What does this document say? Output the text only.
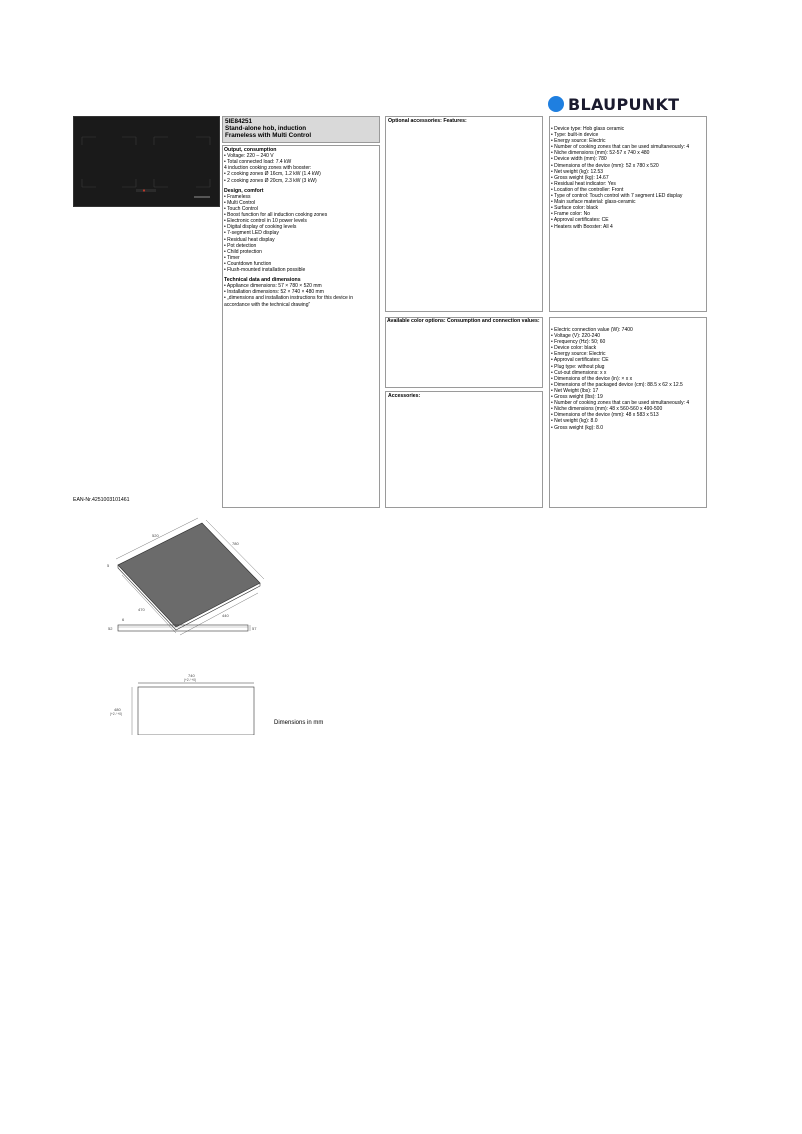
BLAUPUNKT
5IE84251
Stand-alone hob, induction
Frameless with Multi Control
Output, consumption
• Voltage: 220 – 240 V
• Total connected load: 7.4 kW
4 induction cooking zones with booster:
• 2 cooking zones Ø 16cm, 1.2 kW (1.4 kW)
• 2 cooking zones Ø 20cm, 2.3 kW (3 kW)
Design, comfort
• Frameless
• Multi Control
• Touch Control
• Boost function for all induction cooking zones
• Electronic control in 10 power levels
• Digital display of cooking levels
• 7-segment LED display
• Residual heat display
• Pot detection
• Child protection
• Timer
• Countdown function
• Flush-mounted installation possible
Technical data and dimensions
• Appliance dimensions: 57 × 780 × 520 mm
• Installation dimensions: 52 × 740 × 480 mm
• „dimensions and installation instructions for this device in accordance with the technical drawing“
Optional accessories: Features:
Available color options: Consumption and connection values:
Accessories:
• Device type: Hob glass ceramic
• Type: built-in device
• Energy source: Electric
• Number of cooking zones that can be used simultaneously: 4
• Niche dimensions (mm): 52-57 x 740 x 480
• Device width (mm): 780
• Dimensions of the device (mm): 52 x 780 x 520
• Net weight (kg): 12.53
• Gross weight (kg): 14.67
• Residual heat indicator: Yes
• Location of the controller: Front
• Type of control: Touch control with 7 segment LED display
• Main surface material: glass-ceramic
• Surface color: black
• Frame color: No
• Approval certificates: CE
• Heaters with Booster: All 4
• Electric connection value (W): 7400
• Voltage (V): 220-240
• Frequency (Hz): 50; 60
• Device color: black
• Energy source: Electric
• Approval certificates: CE
• Plug type: without plug
• Cut-out dimensions: x x
• Dimensions of the device (in): × x x
• Dimensions of the packaged device (cm): 88.5 x 62 x 12.5
• Net Weight (lbs): 17
• Gross weight (lbs): 19
• Number of cooking zones that can be used simultaneously: 4
• Niche dimensions (mm): 48 x 560-560 x 490-500
• Dimensions of the device (mm): 48 x 583 x 513
• Net weight (kg): 8.0
• Gross weight (kg): 8.0
EAN-Nr.4251003101461
520
780
5
470
440
57
52
6
740
(+2 / +0)
480
(+2 / +0)
Dimensions in mm
